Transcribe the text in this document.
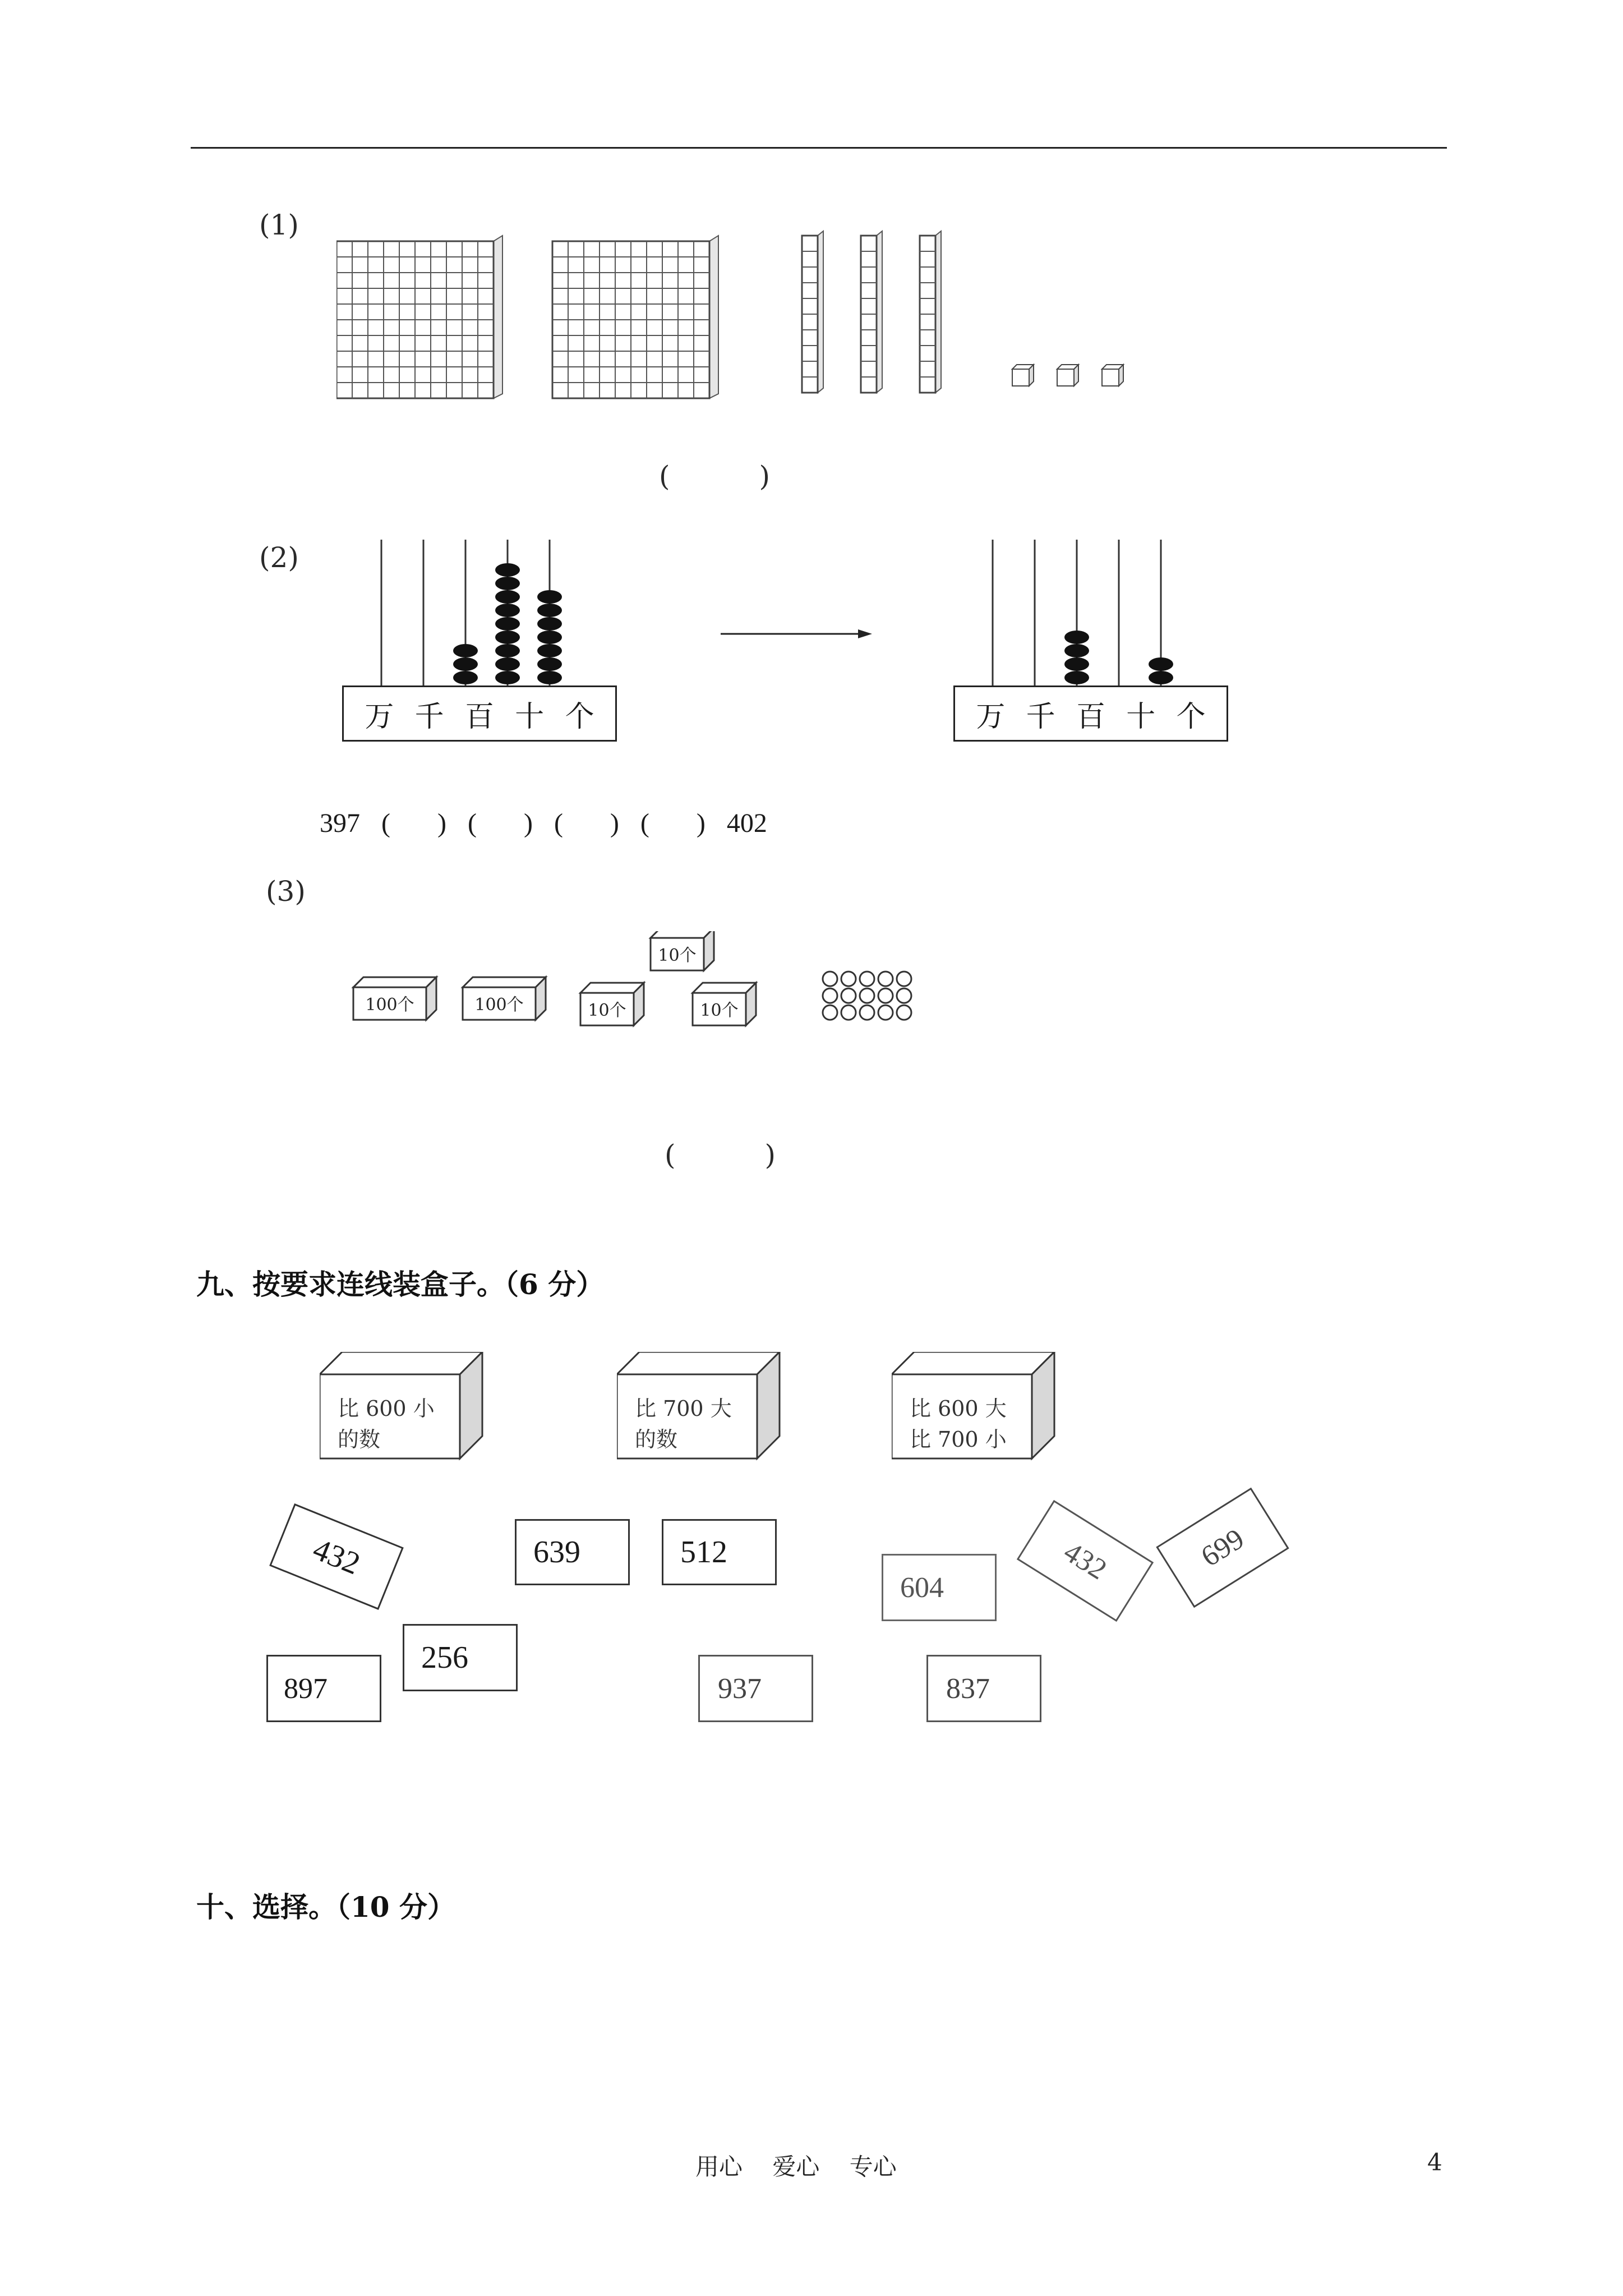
(1)
(          )
(2)
万 千 百 十 个	万 千 百 十 个
397 (       ) (       ) (       ) (       ) 402
(3)
100个	100个	10个
10个
10个
(          )
九、按要求连线装盒子。（6 分）
比 600 小
的数
比 700 大
的数
比 600 大
比 700 小
432	639	512
604
432	699
897
256
937	837
十、选择。（10 分）
用心    爱心    专心	4
